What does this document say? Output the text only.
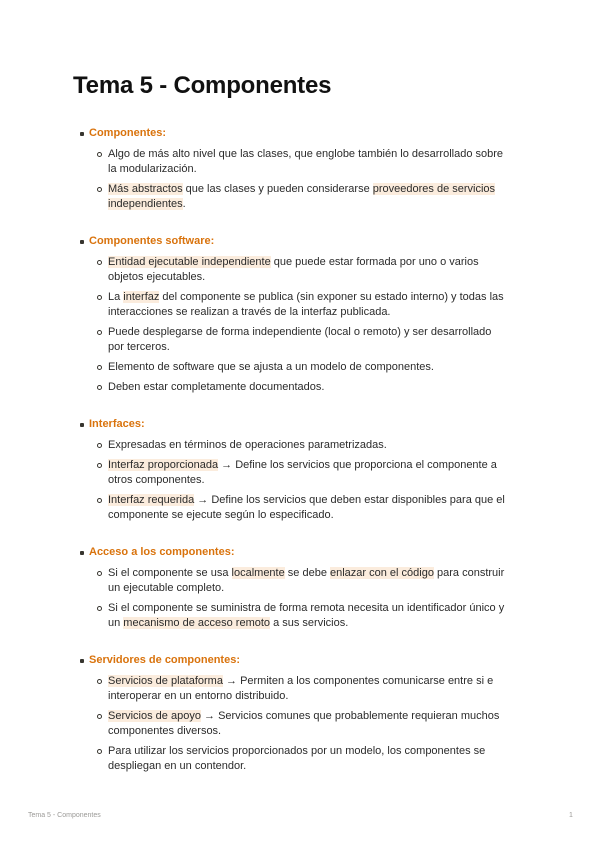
Tema 5 - Componentes
Componentes:
Algo de más alto nivel que las clases, que englobe también lo desarrollado sobre la modularización.
Más abstractos que las clases y pueden considerarse proveedores de servicios independientes.
Componentes software:
Entidad ejecutable independiente que puede estar formada por uno o varios objetos ejecutables.
La interfaz del componente se publica (sin exponer su estado interno) y todas las interacciones se realizan a través de la interfaz publicada.
Puede desplegarse de forma independiente (local o remoto) y ser desarrollado por terceros.
Elemento de software que se ajusta a un modelo de componentes.
Deben estar completamente documentados.
Interfaces:
Expresadas en términos de operaciones parametrizadas.
Interfaz proporcionada → Define los servicios que proporciona el componente a otros componentes.
Interfaz requerida → Define los servicios que deben estar disponibles para que el componente se ejecute según lo especificado.
Acceso a los componentes:
Si el componente se usa localmente se debe enlazar con el código para construir un ejecutable completo.
Si el componente se suministra de forma remota necesita un identificador único y un mecanismo de acceso remoto a sus servicios.
Servidores de componentes:
Servicios de plataforma → Permiten a los componentes comunicarse entre si e interoperar en un entorno distribuido.
Servicios de apoyo → Servicios comunes que probablemente requieran muchos componentes diversos.
Para utilizar los servicios proporcionados por un modelo, los componentes se despliegan en un contendor.
Tema 5 - Componentes	1
